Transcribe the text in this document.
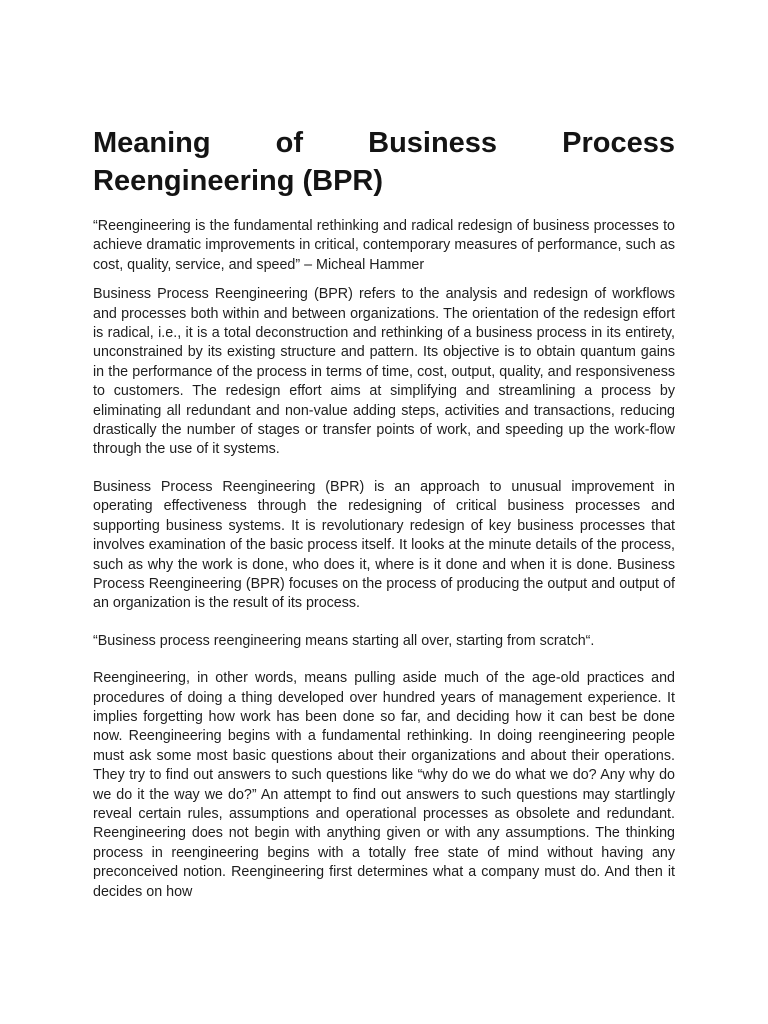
Meaning of Business Process Reengineering (BPR)

“Reengineering is the fundamental rethinking and radical redesign of business processes to achieve dramatic improvements in critical, contemporary measures of performance, such as cost, quality, service, and speed” – Micheal Hammer

Business Process Reengineering (BPR) refers to the analysis and redesign of workflows and processes both within and between organizations. The orientation of the redesign effort is radical, i.e., it is a total deconstruction and rethinking of a business process in its entirety, unconstrained by its existing structure and pattern. Its objective is to obtain quantum gains in the performance of the process in terms of time, cost, output, quality, and responsiveness to customers. The redesign effort aims at simplifying and streamlining a process by eliminating all redundant and non-value adding steps, activities and transactions, reducing drastically the number of stages or transfer points of work, and speeding up the work-flow through the use of it systems.

Business Process Reengineering (BPR) is an approach to unusual improvement in operating effectiveness through the redesigning of critical business processes and supporting business systems. It is revolutionary redesign of key business processes that involves examination of the basic process itself. It looks at the minute details of the process, such as why the work is done, who does it, where is it done and when it is done. Business Process Reengineering (BPR) focuses on the process of producing the output and output of an organization is the result of its process.

“Business process reengineering means starting all over, starting from scratch“.

Reengineering, in other words, means pulling aside much of the age-old practices and procedures of doing a thing developed over hundred years of management experience. It implies forgetting how work has been done so far, and deciding how it can best be done now. Reengineering begins with a fundamental rethinking. In doing reengineering people must ask some most basic questions about their organizations and about their operations. They try to find out answers to such questions like “why do we do what we do? Any why do we do it the way we do?” An attempt to find out answers to such questions may startlingly reveal certain rules, assumptions and operational processes as obsolete and redundant. Reengineering does not begin with anything given or with any assumptions. The thinking process in reengineering begins with a totally free state of mind without having any preconceived notion. Reengineering first determines what a company must do. And then it decides on how
